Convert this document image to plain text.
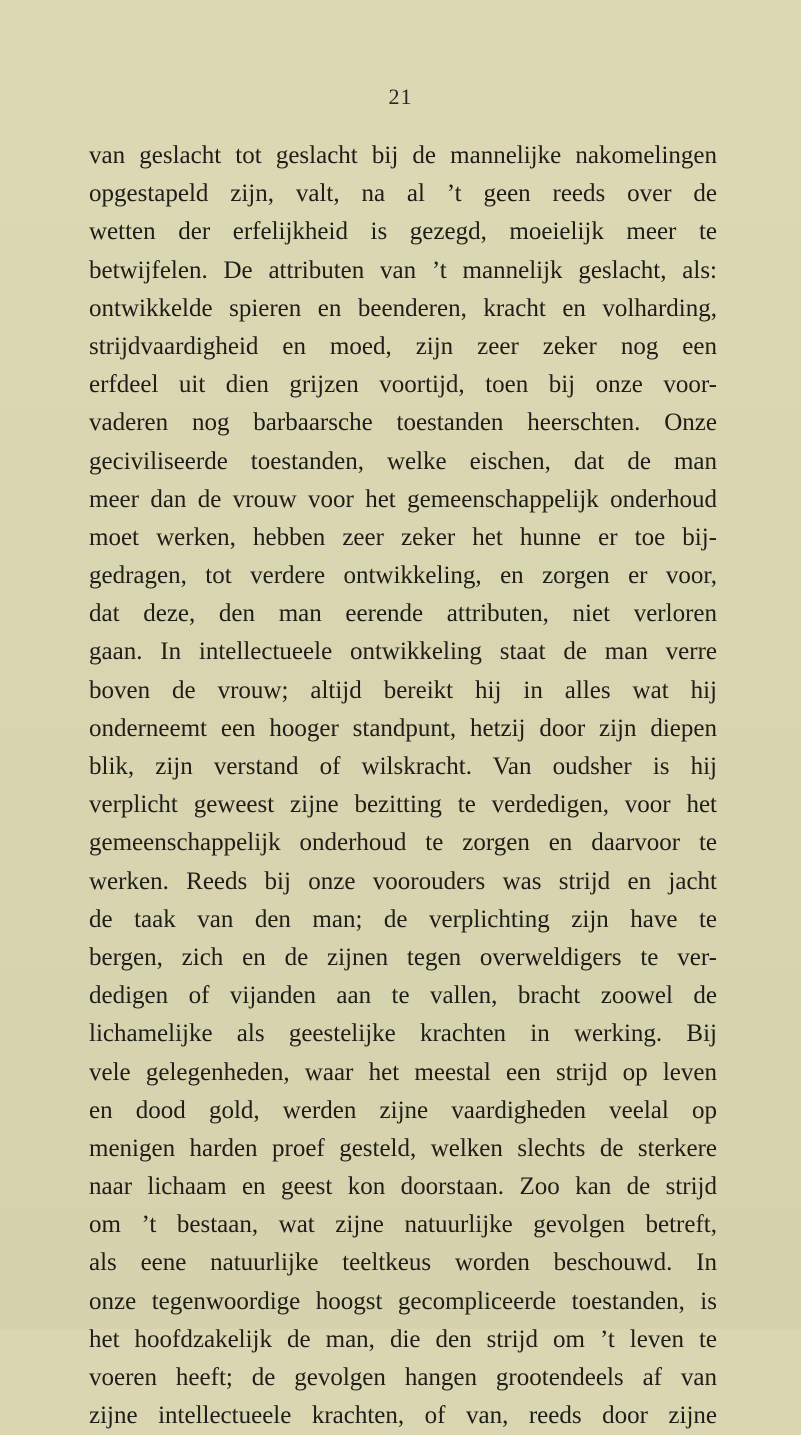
21
van geslacht tot geslacht bij de mannelijke nakomelingen
opgestapeld zijn, valt, na al ’t geen reeds over de
wetten der erfelijkheid is gezegd, moeielijk meer te
betwijfelen. De attributen van ’t mannelijk geslacht, als:
ontwikkelde spieren en beenderen, kracht en volharding,
strijdvaardigheid en moed, zijn zeer zeker nog een
erfdeel uit dien grijzen voortijd, toen bij onze voor-
vaderen nog barbaarsche toestanden heerschten. Onze
geciviliseerde toestanden, welke eischen, dat de man
meer dan de vrouw voor het gemeenschappelijk onderhoud
moet werken, hebben zeer zeker het hunne er toe bij-
gedragen, tot verdere ontwikkeling, en zorgen er voor,
dat deze, den man eerende attributen, niet verloren
gaan. In intellectueele ontwikkeling staat de man verre
boven de vrouw; altijd bereikt hij in alles wat hij
onderneemt een hooger standpunt, hetzij door zijn diepen
blik, zijn verstand of wilskracht. Van oudsher is hij
verplicht geweest zijne bezitting te verdedigen, voor het
gemeenschappelijk onderhoud te zorgen en daarvoor te
werken. Reeds bij onze voorouders was strijd en jacht
de taak van den man; de verplichting zijn have te
bergen, zich en de zijnen tegen overweldigers te ver-
dedigen of vijanden aan te vallen, bracht zoowel de
lichamelijke als geestelijke krachten in werking. Bij
vele gelegenheden, waar het meestal een strijd op leven
en dood gold, werden zijne vaardigheden veelal op
menigen harden proef gesteld, welken slechts de sterkere
naar lichaam en geest kon doorstaan. Zoo kan de strijd
om ’t bestaan, wat zijne natuurlijke gevolgen betreft,
als eene natuurlijke teeltkeus worden beschouwd. In
onze tegenwoordige hoogst gecompliceerde toestanden, is
het hoofdzakelijk de man, die den strijd om ’t leven te
voeren heeft; de gevolgen hangen grootendeels af van
zijne intellectueele krachten, of van, reeds door zijne
